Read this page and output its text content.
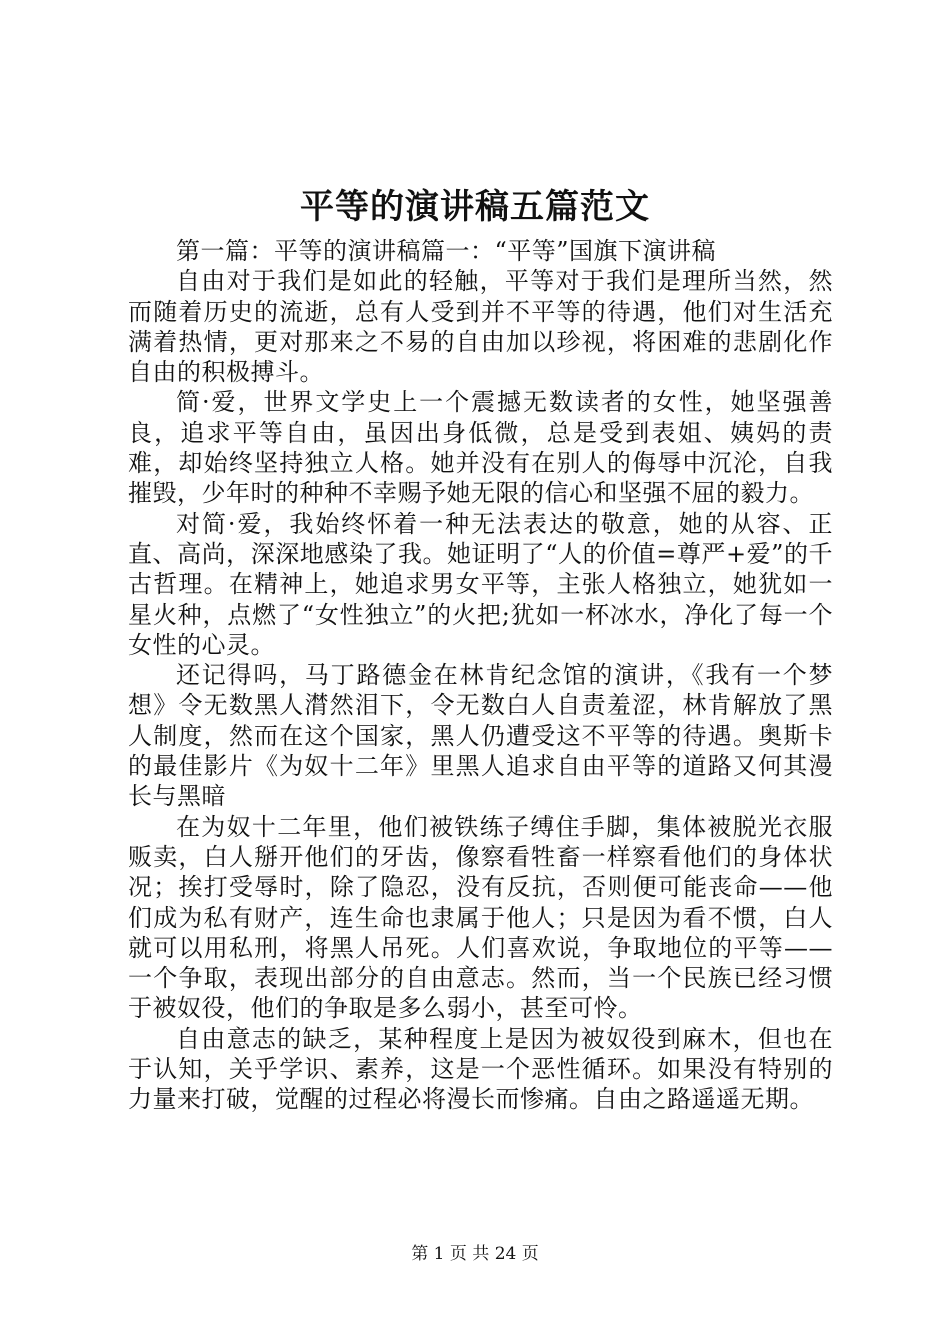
平等的演讲稿五篇范文

第一篇：平等的演讲稿篇一：“平等”国旗下演讲稿

自由对于我们是如此的轻触，平等对于我们是理所当然，然而随着历史的流逝，总有人受到并不平等的待遇，他们对生活充满着热情，更对那来之不易的自由加以珍视，将困难的悲剧化作自由的积极搏斗。

简·爱，世界文学史上一个震撼无数读者的女性，她坚强善良，追求平等自由，虽因出身低微，总是受到表姐、姨妈的责难，却始终坚持独立人格。她并没有在别人的侮辱中沉沦，自我摧毁，少年时的种种不幸赐予她无限的信心和坚强不屈的毅力。

对简·爱，我始终怀着一种无法表达的敬意，她的从容、正直、高尚，深深地感染了我。她证明了“人的价值=尊严+爱”的千古哲理。在精神上，她追求男女平等，主张人格独立，她犹如一星火种，点燃了“女性独立”的火把;犹如一杯冰水，净化了每一个女性的心灵。

还记得吗，马丁路德金在林肯纪念馆的演讲，《我有一个梦想》令无数黑人潸然泪下，令无数白人自责羞涩，林肯解放了黑人制度，然而在这个国家，黑人仍遭受这不平等的待遇。奥斯卡的最佳影片《为奴十二年》里黑人追求自由平等的道路又何其漫长与黑暗

在为奴十二年里，他们被铁练子缚住手脚，集体被脱光衣服贩卖，白人掰开他们的牙齿，像察看牲畜一样察看他们的身体状况；挨打受辱时，除了隐忍，没有反抗，否则便可能丧命——他们成为私有财产，连生命也隶属于他人；只是因为看不惯，白人就可以用私刑，将黑人吊死。人们喜欢说，争取地位的平等——一个争取，表现出部分的自由意志。然而，当一个民族已经习惯于被奴役，他们的争取是多么弱小，甚至可怜。

自由意志的缺乏，某种程度上是因为被奴役到麻木，但也在于认知，关乎学识、素养，这是一个恶性循环。如果没有特别的力量来打破，觉醒的过程必将漫长而惨痛。自由之路遥遥无期。

第 1 页 共 24 页
